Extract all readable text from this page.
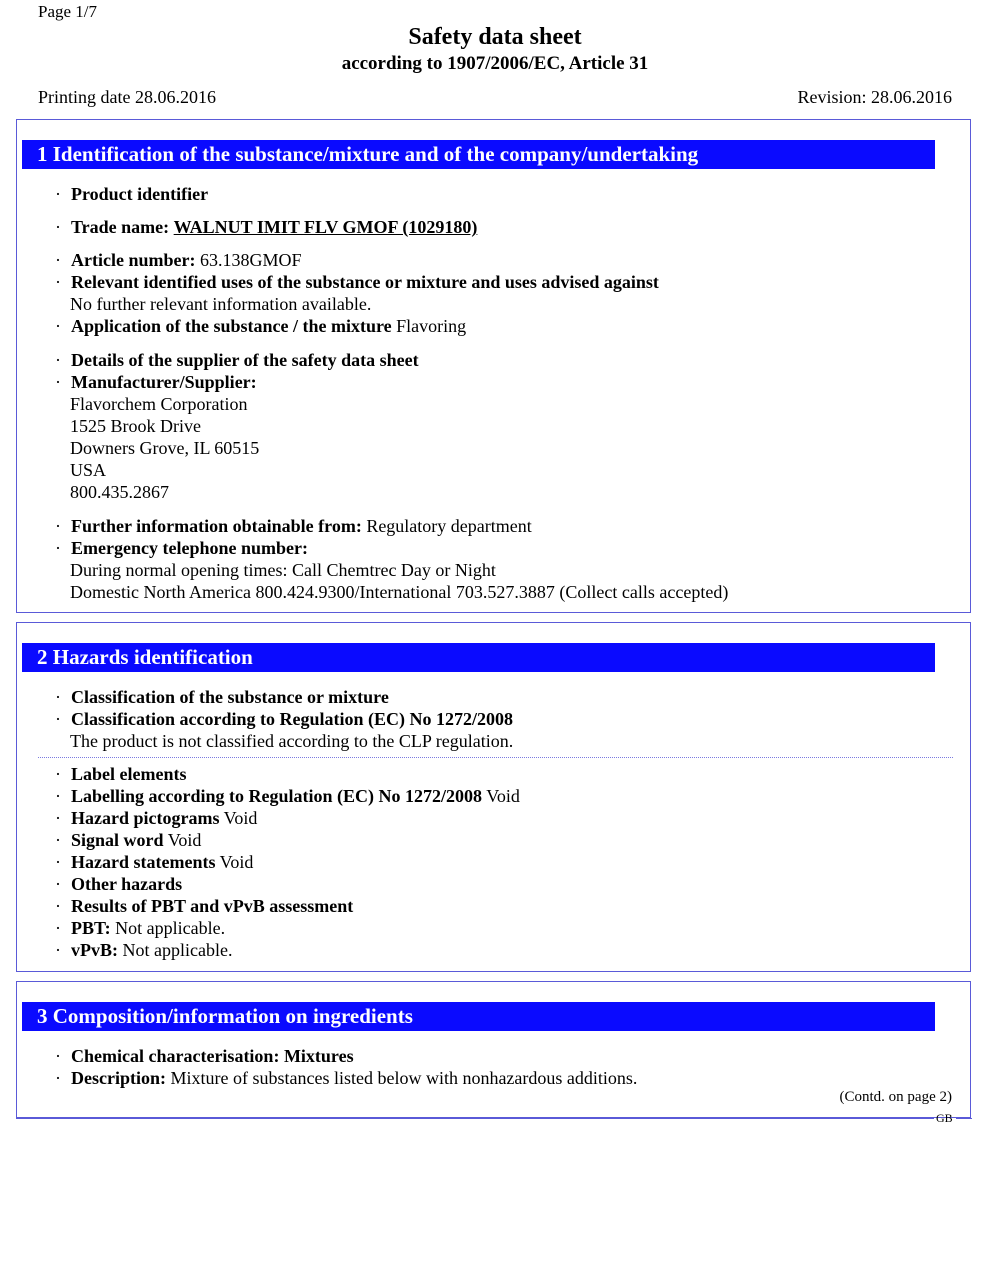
Page 1/7
Safety data sheet
according to 1907/2006/EC, Article 31
Printing date 28.06.2016	Revision: 28.06.2016
1 Identification of the substance/mixture and of the company/undertaking
· Product identifier
· Trade name: WALNUT IMIT FLV GMOF (1029180)
· Article number: 63.138GMOF
· Relevant identified uses of the substance or mixture and uses advised against
No further relevant information available.
· Application of the substance / the mixture Flavoring
· Details of the supplier of the safety data sheet
· Manufacturer/Supplier:
Flavorchem Corporation
1525 Brook Drive
Downers Grove, IL 60515
USA
800.435.2867
· Further information obtainable from: Regulatory department
· Emergency telephone number:
During normal opening times: Call Chemtrec Day or Night
Domestic North America 800.424.9300/International 703.527.3887 (Collect calls accepted)
2 Hazards identification
· Classification of the substance or mixture
· Classification according to Regulation (EC) No 1272/2008
The product is not classified according to the CLP regulation.
· Label elements
· Labelling according to Regulation (EC) No 1272/2008 Void
· Hazard pictograms Void
· Signal word Void
· Hazard statements Void
· Other hazards
· Results of PBT and vPvB assessment
· PBT: Not applicable.
· vPvB: Not applicable.
3 Composition/information on ingredients
· Chemical characterisation: Mixtures
· Description: Mixture of substances listed below with nonhazardous additions.
(Contd. on page 2)
GB
